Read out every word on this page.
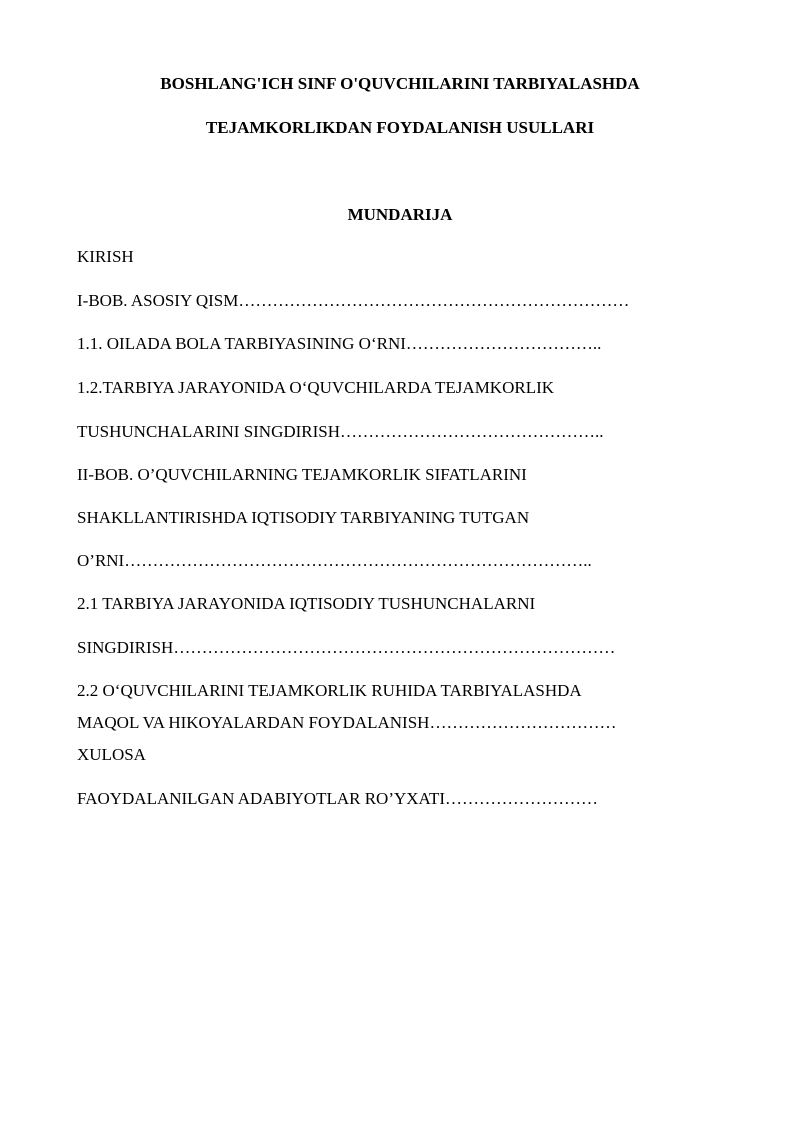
BOSHLANG'ICH SINF O'QUVCHILARINI TARBIYALASHDA
TEJAMKORLIKDAN FOYDALANISH USULLARI
MUNDARIJA
KIRISH
I-BOB. ASOSIY QISM……………………………………………………………
1.1. OILADA BOLA TARBIYASINING O‘RNI……………………………..
1.2.TARBIYA JARAYONIDA O‘QUVCHILARDA TEJAMKORLIK
TUSHUNCHALARINI SINGDIRISH………………………………………..
II-BOB. O’QUVCHILARNING TEJAMKORLIK SIFATLARINI
SHAKLLANTIRISHDA IQTISODIY TARBIYANING TUTGAN
O’RNI………………………………………………………………………..
2.1 TARBIYA JARAYONIDA IQTISODIY TUSHUNCHALARNI
SINGDIRISH……………………………………………………………………
2.2 O‘QUVCHILARINI TEJAMKORLIK RUHIDA TARBIYALASHDA
MAQOL VA HIKOYALARDAN FOYDALANISH……………………………
XULOSA
FAOYDALANILGAN ADABIYOTLAR RO’YXATI………………………
